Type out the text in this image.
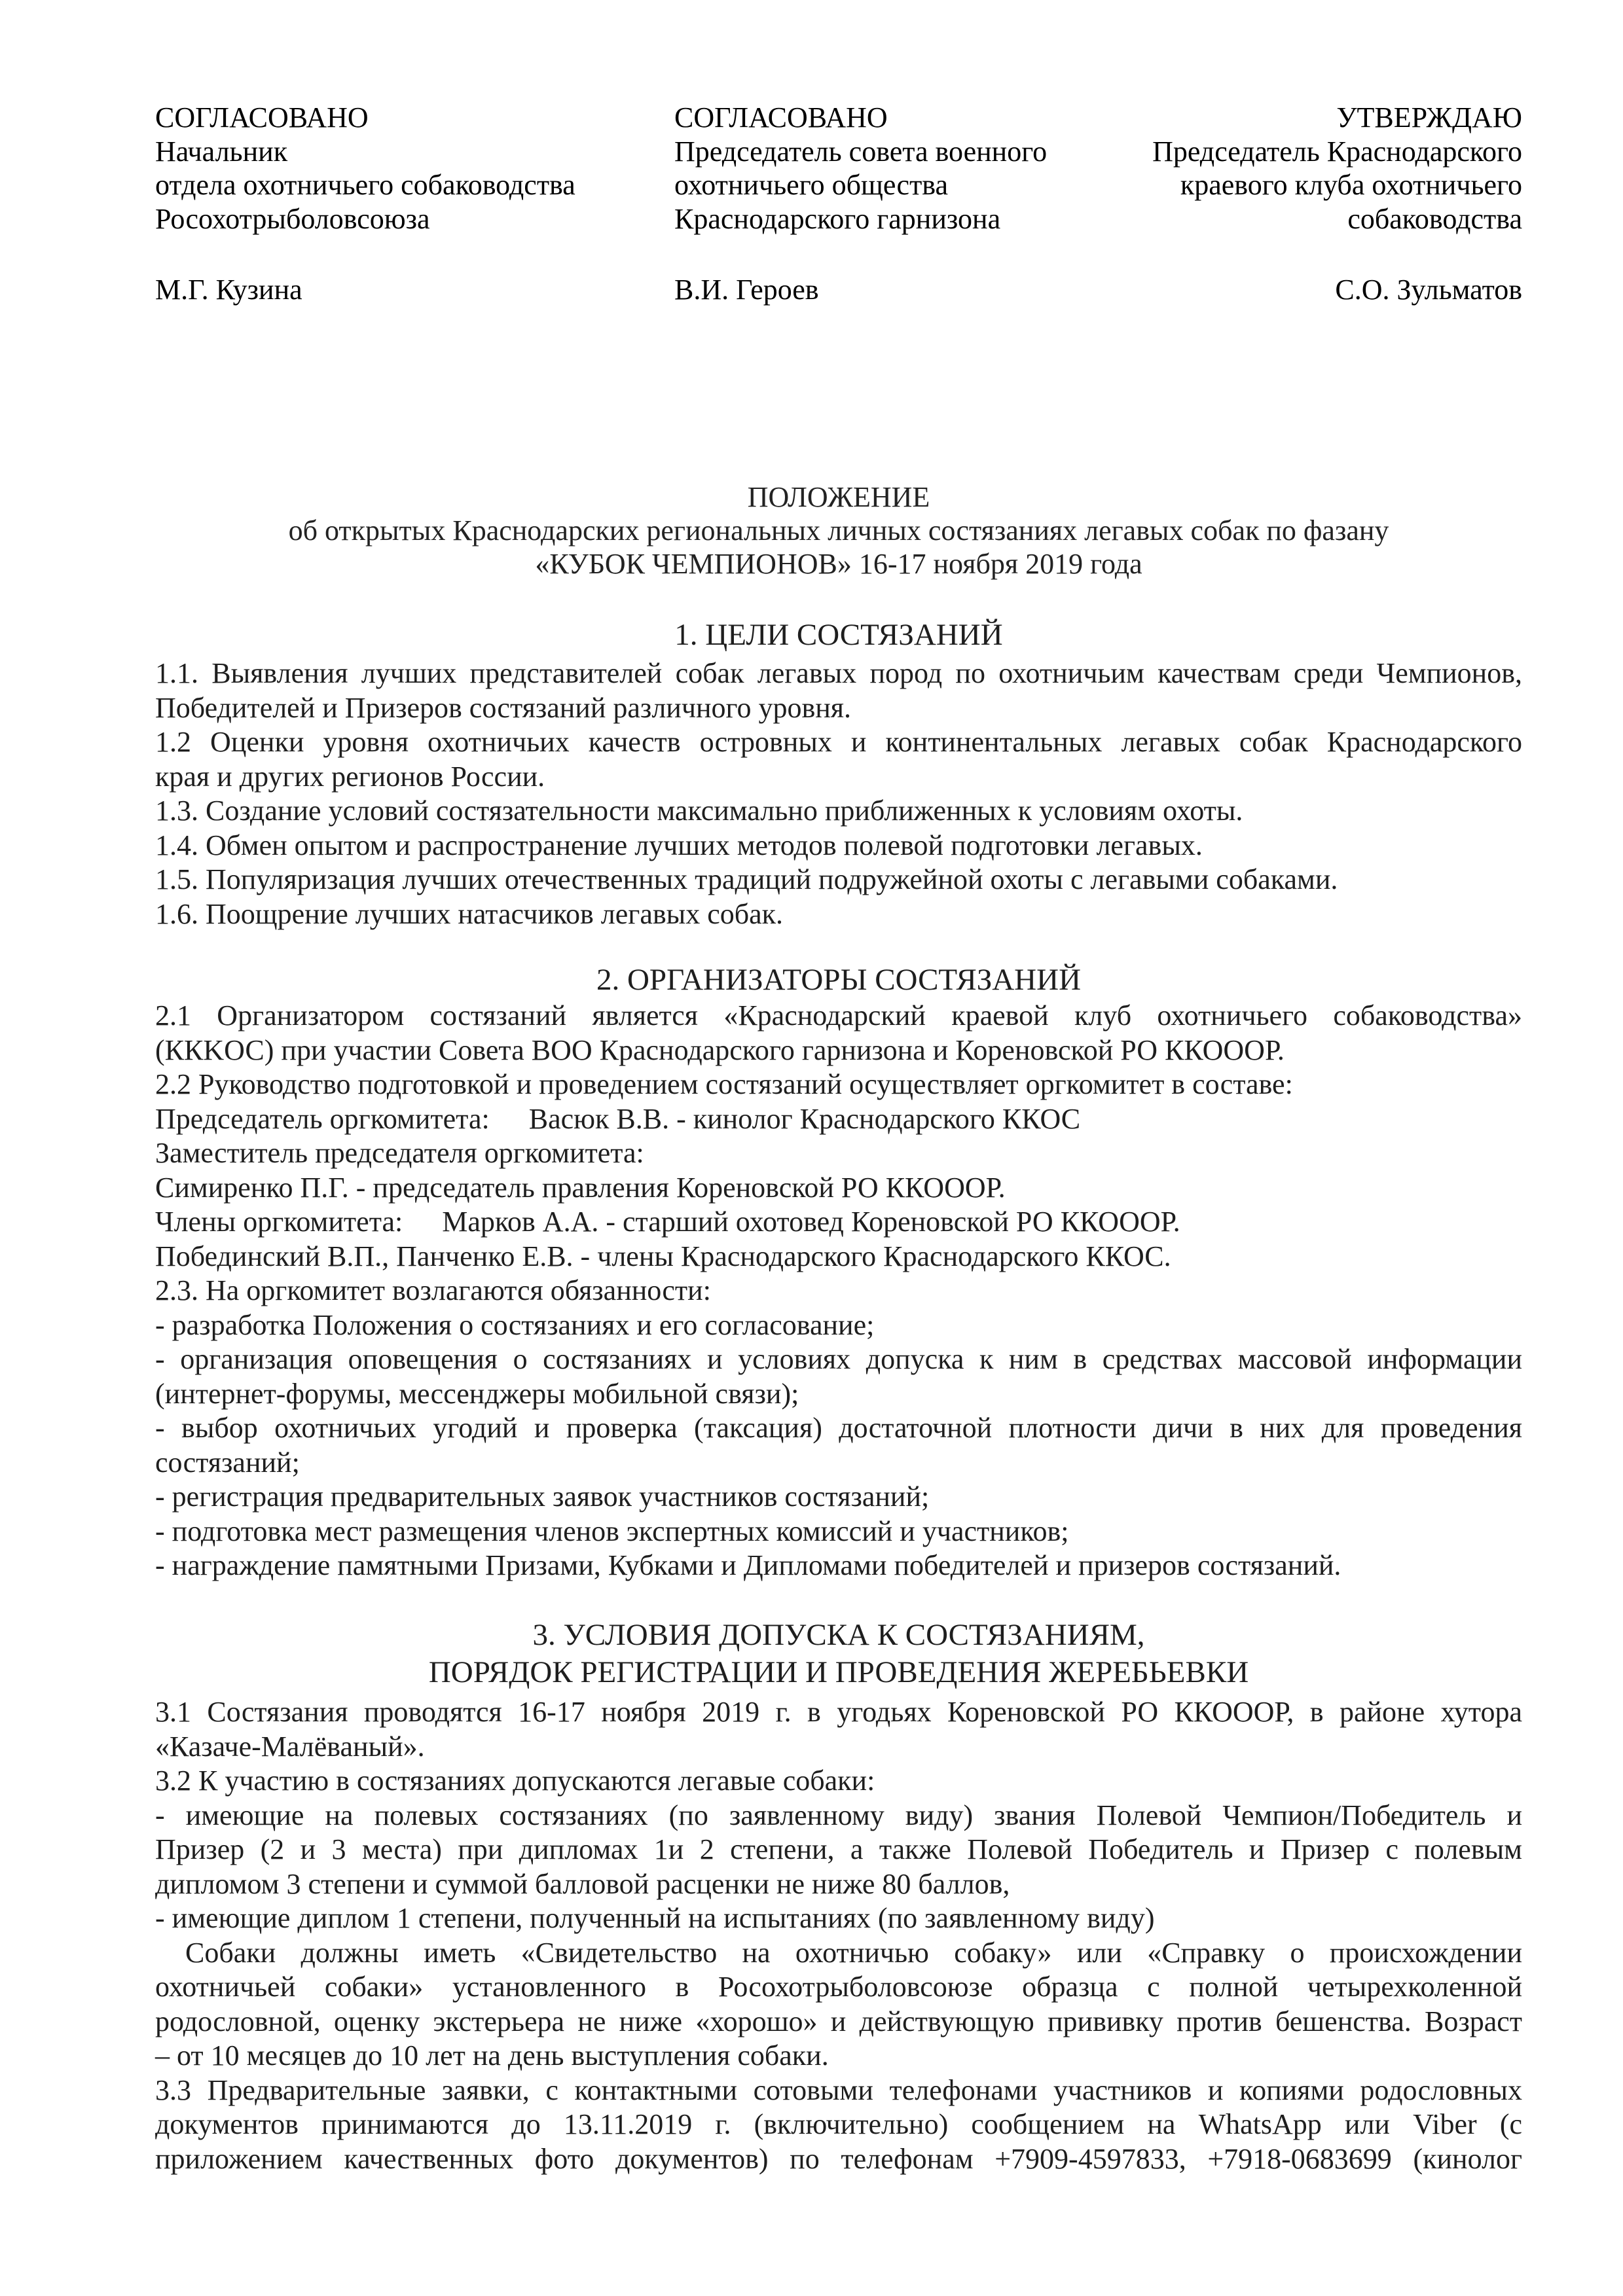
СОГЛАСОВАНО
Начальник
отдела охотничьего собаководства
Росохотрыболовсоюза
СОГЛАСОВАНО
Председатель совета военного
охотничьего общества
Краснодарского гарнизона
УТВЕРЖДАЮ
Председатель Краснодарского
краевого клуба охотничьего
собаководства
М.Г. Кузина	В.И. Героев	С.О. Зульматов
ПОЛОЖЕНИЕ
об открытых Краснодарских региональных личных состязаниях легавых собак по фазану
«КУБОК ЧЕМПИОНОВ» 16-17 ноября 2019 года
1. ЦЕЛИ СОСТЯЗАНИЙ
1.1. Выявления лучших представителей собак легавых пород по охотничьим качествам среди Чемпионов,
Победителей и Призеров состязаний различного уровня.
1.2 Оценки уровня охотничьих качеств островных и континентальных легавых собак Краснодарского
края и других регионов России.
1.3. Создание условий состязательности максимально приближенных к условиям охоты.
1.4. Обмен опытом и распространение лучших методов полевой подготовки легавых.
1.5. Популяризация лучших отечественных традиций подружейной охоты с легавыми собаками.
1.6. Поощрение лучших натасчиков легавых собак.
2. ОРГАНИЗАТОРЫ СОСТЯЗАНИЙ
2.1 Организатором состязаний является «Краснодарский краевой клуб охотничьего собаководства»
(ККKОС) при участии Совета ВОО Краснодарского гарнизона и Кореновской РО ККОООР.
2.2 Руководство подготовкой и проведением состязаний осуществляет оргкомитет в составе:
Председатель оргкомитета: Васюк В.В. - кинолог Краснодарского ККОС
Заместитель председателя оргкомитета:
Симиренко П.Г. - председатель правления Кореновской РО ККОООР.
Члены оргкомитета: Марков А.А. - старший охотовед Кореновской РО ККОООР.
Побединский В.П., Панченко Е.В. - члены Краснодарского Краснодарского ККОС.
2.3. На оргкомитет возлагаются обязанности:
- разработка Положения о состязаниях и его согласование;
- организация оповещения о состязаниях и условиях допуска к ним в средствах массовой информации
(интернет-форумы, мессенджеры мобильной связи);
- выбор охотничьих угодий и проверка (таксация) достаточной плотности дичи в них для проведения
состязаний;
- регистрация предварительных заявок участников состязаний;
- подготовка мест размещения членов экспертных комиссий и участников;
- награждение памятными Призами, Кубками и Дипломами победителей и призеров состязаний.
3. УСЛОВИЯ ДОПУСКА К СОСТЯЗАНИЯМ,
ПОРЯДОК РЕГИСТРАЦИИ И ПРОВЕДЕНИЯ ЖЕРЕБЬЕВКИ
3.1 Состязания проводятся 16-17 ноября 2019 г. в угодьях Кореновской РО ККОООР, в районе хутора
«Казаче-Малёваный».
3.2 К участию в состязаниях допускаются легавые собаки:
- имеющие на полевых состязаниях (по заявленному виду) звания Полевой Чемпион/Победитель и
Призер (2 и 3 места) при дипломах 1и 2 степени, а также Полевой Победитель и Призер с полевым
дипломом 3 степени и суммой балловой расценки не ниже 80 баллов,
- имеющие диплом 1 степени, полученный на испытаниях (по заявленному виду)
Собаки должны иметь «Свидетельство на охотничью собаку» или «Справку о происхождении
охотничьей собаки» установленного в Росохотрыболовсоюзе образца с полной четырехколенной
родословной, оценку экстерьера не ниже «хорошо» и действующую прививку против бешенства. Возраст
– от 10 месяцев до 10 лет на день выступления собаки.
3.3 Предварительные заявки, с контактными сотовыми телефонами участников и копиями родословных
документов принимаются до 13.11.2019 г. (включительно) сообщением на WhatsApp или Viber (с
приложением качественных фото документов) по телефонам +7909-4597833, +7918-0683699 (кинолог
